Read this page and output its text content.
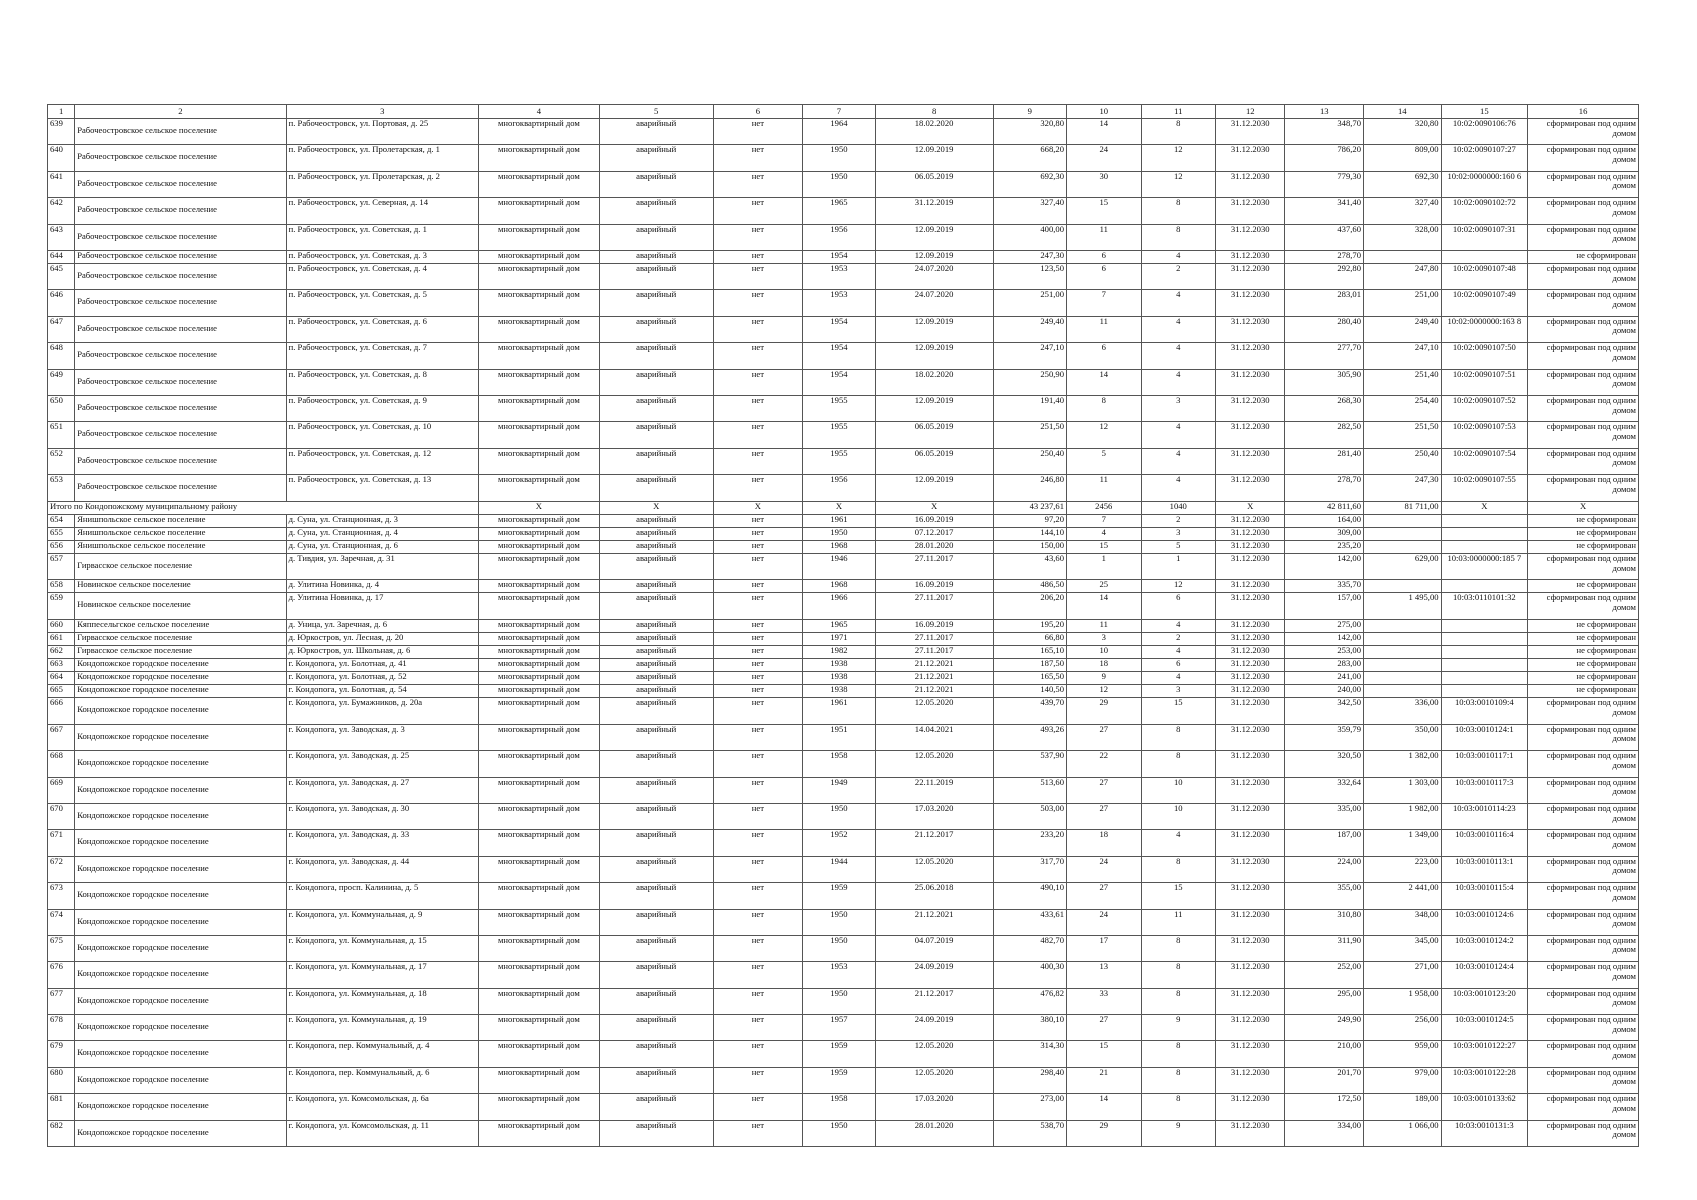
1	2	3	4	5	6	7	8	9	10	11	12	13	14	15	16
639	Рабочеостровское сельское поселение	п. Рабочеостровск, ул. Портовая, д. 25	многоквартирный дом	аварийный	нет	1964	18.02.2020	320,80	14	8	31.12.2030	348,70	320,80	10:02:0090106:76	сформирован под одним домом
640	Рабочеостровское сельское поселение	п. Рабочеостровск, ул. Пролетарская, д. 1	многоквартирный дом	аварийный	нет	1950	12.09.2019	668,20	24	12	31.12.2030	786,20	809,00	10:02:0090107:27	сформирован под одним домом
641	Рабочеостровское сельское поселение	п. Рабочеостровск, ул. Пролетарская, д. 2	многоквартирный дом	аварийный	нет	1950	06.05.2019	692,30	30	12	31.12.2030	779,30	692,30	10:02:0000000:160 6	сформирован под одним домом
642	Рабочеостровское сельское поселение	п. Рабочеостровск, ул. Северная, д. 14	многоквартирный дом	аварийный	нет	1965	31.12.2019	327,40	15	8	31.12.2030	341,40	327,40	10:02:0090102:72	сформирован под одним домом
643	Рабочеостровское сельское поселение	п. Рабочеостровск, ул. Советская, д. 1	многоквартирный дом	аварийный	нет	1956	12.09.2019	400,00	11	8	31.12.2030	437,60	328,00	10:02:0090107:31	сформирован под одним домом
644	Рабочеостровское сельское поселение	п. Рабочеостровск, ул. Советская, д. 3	многоквартирный дом	аварийный	нет	1954	12.09.2019	247,30	6	4	31.12.2030	278,70			не сформирован
645	Рабочеостровское сельское поселение	п. Рабочеостровск, ул. Советская, д. 4	многоквартирный дом	аварийный	нет	1953	24.07.2020	123,50	6	2	31.12.2030	292,80	247,80	10:02:0090107:48	сформирован под одним домом
646	Рабочеостровское сельское поселение	п. Рабочеостровск, ул. Советская, д. 5	многоквартирный дом	аварийный	нет	1953	24.07.2020	251,00	7	4	31.12.2030	283,01	251,00	10:02:0090107:49	сформирован под одним домом
647	Рабочеостровское сельское поселение	п. Рабочеостровск, ул. Советская, д. 6	многоквартирный дом	аварийный	нет	1954	12.09.2019	249,40	11	4	31.12.2030	280,40	249,40	10:02:0000000:163 8	сформирован под одним домом
648	Рабочеостровское сельское поселение	п. Рабочеостровск, ул. Советская, д. 7	многоквартирный дом	аварийный	нет	1954	12.09.2019	247,10	6	4	31.12.2030	277,70	247,10	10:02:0090107:50	сформирован под одним домом
649	Рабочеостровское сельское поселение	п. Рабочеостровск, ул. Советская, д. 8	многоквартирный дом	аварийный	нет	1954	18.02.2020	250,90	14	4	31.12.2030	305,90	251,40	10:02:0090107:51	сформирован под одним домом
650	Рабочеостровское сельское поселение	п. Рабочеостровск, ул. Советская, д. 9	многоквартирный дом	аварийный	нет	1955	12.09.2019	191,40	8	3	31.12.2030	268,30	254,40	10:02:0090107:52	сформирован под одним домом
651	Рабочеостровское сельское поселение	п. Рабочеостровск, ул. Советская, д. 10	многоквартирный дом	аварийный	нет	1955	06.05.2019	251,50	12	4	31.12.2030	282,50	251,50	10:02:0090107:53	сформирован под одним домом
652	Рабочеостровское сельское поселение	п. Рабочеостровск, ул. Советская, д. 12	многоквартирный дом	аварийный	нет	1955	06.05.2019	250,40	5	4	31.12.2030	281,40	250,40	10:02:0090107:54	сформирован под одним домом
653	Рабочеостровское сельское поселение	п. Рабочеостровск, ул. Советская, д. 13	многоквартирный дом	аварийный	нет	1956	12.09.2019	246,80	11	4	31.12.2030	278,70	247,30	10:02:0090107:55	сформирован под одним домом
Итого по Кондопожскому муниципальному району			X	X	X	X	X	43 237,61	2456	1040	X	42 811,60	81 711,00	X	X
654	Янишпольское сельское поселение	д. Суна, ул. Станционная, д. 3	многоквартирный дом	аварийный	нет	1961	16.09.2019	97,20	7	2	31.12.2030	164,00			не сформирован
655	Янишпольское сельское поселение	д. Суна, ул. Станционная, д. 4	многоквартирный дом	аварийный	нет	1950	07.12.2017	144,10	4	3	31.12.2030	309,00			не сформирован
656	Янишпольское сельское поселение	д. Суна, ул. Станционная, д. 6	многоквартирный дом	аварийный	нет	1968	28.01.2020	150,00	15	5	31.12.2030	235,20			не сформирован
657	Гирвасское сельское поселение	д. Тивдия, ул. Заречная, д. 31	многоквартирный дом	аварийный	нет	1946	27.11.2017	43,60	1	1	31.12.2030	142,00	629,00	10:03:0000000:185 7	сформирован под одним домом
658	Новинское сельское поселение	д. Улитина Новинка, д. 4	многоквартирный дом	аварийный	нет	1968	16.09.2019	486,50	25	12	31.12.2030	335,70			не сформирован
659	Новинское сельское поселение	д. Улитина Новинка, д. 17	многоквартирный дом	аварийный	нет	1966	27.11.2017	206,20	14	6	31.12.2030	157,00	1 495,00	10:03:0110101:32	сформирован под одним домом
660	Кяппесельгское сельское поселение	д. Уница, ул. Заречная, д. 6	многоквартирный дом	аварийный	нет	1965	16.09.2019	195,20	11	4	31.12.2030	275,00			не сформирован
661	Гирвасское сельское поселение	д. Юркостров, ул. Лесная, д. 20	многоквартирный дом	аварийный	нет	1971	27.11.2017	66,80	3	2	31.12.2030	142,00			не сформирован
662	Гирвасское сельское поселение	д. Юркостров, ул. Школьная, д. 6	многоквартирный дом	аварийный	нет	1982	27.11.2017	165,10	10	4	31.12.2030	253,00			не сформирован
663	Кондопожское городское поселение	г. Кондопога, ул. Болотная, д. 41	многоквартирный дом	аварийный	нет	1938	21.12.2021	187,50	18	6	31.12.2030	283,00			не сформирован
664	Кондопожское городское поселение	г. Кондопога, ул. Болотная, д. 52	многоквартирный дом	аварийный	нет	1938	21.12.2021	165,50	9	4	31.12.2030	241,00			не сформирован
665	Кондопожское городское поселение	г. Кондопога, ул. Болотная, д. 54	многоквартирный дом	аварийный	нет	1938	21.12.2021	140,50	12	3	31.12.2030	240,00			не сформирован
666	Кондопожское городское поселение	г. Кондопога, ул. Бумажников, д. 20а	многоквартирный дом	аварийный	нет	1961	12.05.2020	439,70	29	15	31.12.2030	342,50	336,00	10:03:0010109:4	сформирован под одним домом
667	Кондопожское городское поселение	г. Кондопога, ул. Заводская, д. 3	многоквартирный дом	аварийный	нет	1951	14.04.2021	493,26	27	8	31.12.2030	359,79	350,00	10:03:0010124:1	сформирован под одним домом
668	Кондопожское городское поселение	г. Кондопога, ул. Заводская, д. 25	многоквартирный дом	аварийный	нет	1958	12.05.2020	537,90	22	8	31.12.2030	320,50	1 382,00	10:03:0010117:1	сформирован под одним домом
669	Кондопожское городское поселение	г. Кондопога, ул. Заводская, д. 27	многоквартирный дом	аварийный	нет	1949	22.11.2019	513,60	27	10	31.12.2030	332,64	1 303,00	10:03:0010117:3	сформирован под одним домом
670	Кондопожское городское поселение	г. Кондопога, ул. Заводская, д. 30	многоквартирный дом	аварийный	нет	1950	17.03.2020	503,00	27	10	31.12.2030	335,00	1 982,00	10:03:0010114:23	сформирован под одним домом
671	Кондопожское городское поселение	г. Кондопога, ул. Заводская, д. 33	многоквартирный дом	аварийный	нет	1952	21.12.2017	233,20	18	4	31.12.2030	187,00	1 349,00	10:03:0010116:4	сформирован под одним домом
672	Кондопожское городское поселение	г. Кондопога, ул. Заводская, д. 44	многоквартирный дом	аварийный	нет	1944	12.05.2020	317,70	24	8	31.12.2030	224,00	223,00	10:03:0010113:1	сформирован под одним домом
673	Кондопожское городское поселение	г. Кондопога, просп. Калинина, д. 5	многоквартирный дом	аварийный	нет	1959	25.06.2018	490,10	27	15	31.12.2030	355,00	2 441,00	10:03:0010115:4	сформирован под одним домом
674	Кондопожское городское поселение	г. Кондопога, ул. Коммунальная, д. 9	многоквартирный дом	аварийный	нет	1950	21.12.2021	433,61	24	11	31.12.2030	310,80	348,00	10:03:0010124:6	сформирован под одним домом
675	Кондопожское городское поселение	г. Кондопога, ул. Коммунальная, д. 15	многоквартирный дом	аварийный	нет	1950	04.07.2019	482,70	17	8	31.12.2030	311,90	345,00	10:03:0010124:2	сформирован под одним домом
676	Кондопожское городское поселение	г. Кондопога, ул. Коммунальная, д. 17	многоквартирный дом	аварийный	нет	1953	24.09.2019	400,30	13	8	31.12.2030	252,00	271,00	10:03:0010124:4	сформирован под одним домом
677	Кондопожское городское поселение	г. Кондопога, ул. Коммунальная, д. 18	многоквартирный дом	аварийный	нет	1950	21.12.2017	476,82	33	8	31.12.2030	295,00	1 958,00	10:03:0010123:20	сформирован под одним домом
678	Кондопожское городское поселение	г. Кондопога, ул. Коммунальная, д. 19	многоквартирный дом	аварийный	нет	1957	24.09.2019	380,10	27	9	31.12.2030	249,90	256,00	10:03:0010124:5	сформирован под одним домом
679	Кондопожское городское поселение	г. Кондопога, пер. Коммунальный, д. 4	многоквартирный дом	аварийный	нет	1959	12.05.2020	314,30	15	8	31.12.2030	210,00	959,00	10:03:0010122:27	сформирован под одним домом
680	Кондопожское городское поселение	г. Кондопога, пер. Коммунальный, д. 6	многоквартирный дом	аварийный	нет	1959	12.05.2020	298,40	21	8	31.12.2030	201,70	979,00	10:03:0010122:28	сформирован под одним домом
681	Кондопожское городское поселение	г. Кондопога, ул. Комсомольская, д. 6а	многоквартирный дом	аварийный	нет	1958	17.03.2020	273,00	14	8	31.12.2030	172,50	189,00	10:03:0010133:62	сформирован под одним домом
682	Кондопожское городское поселение	г. Кондопога, ул. Комсомольская, д. 11	многоквартирный дом	аварийный	нет	1950	28.01.2020	538,70	29	9	31.12.2030	334,00	1 066,00	10:03:0010131:3	сформирован под одним домом
